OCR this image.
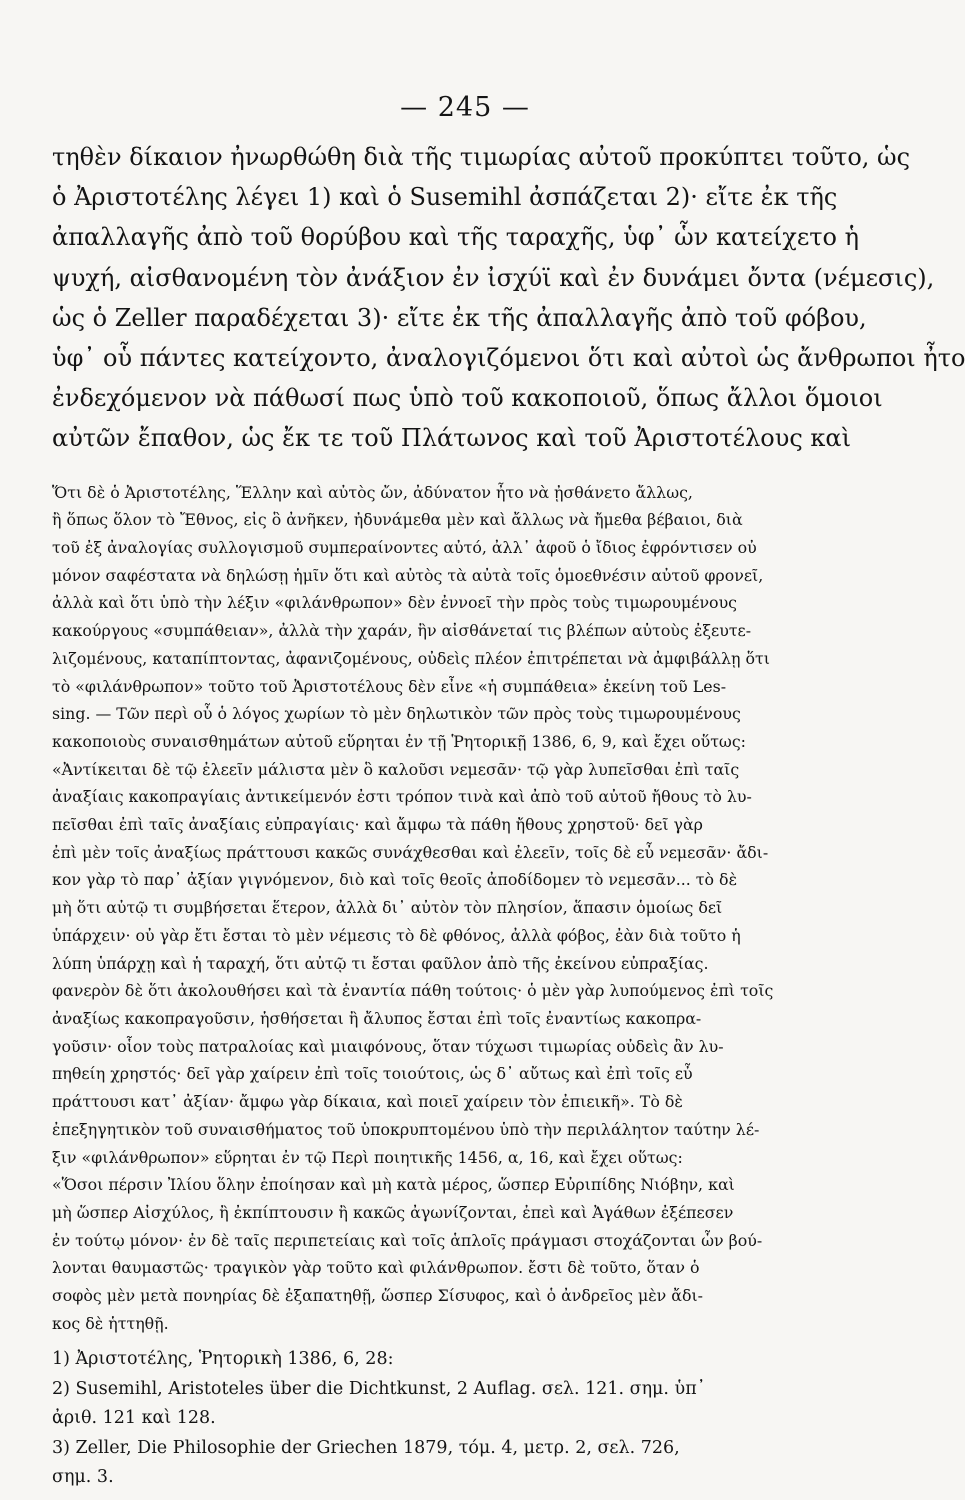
— 245 —
τηθὲν δίκαιον ἠνωρθώθη διὰ τῆς τιμωρίας αὐτοῦ προκύπτει τοῦτο, ὡς
ὁ Ἀριστοτέλης λέγει 1) καὶ ὁ Susemihl ἀσπάζεται 2)· εἴτε ἐκ τῆς
ἀπαλλαγῆς ἀπὸ τοῦ θορύβου καὶ τῆς ταραχῆς, ὑφ᾽ ὧν κατείχετο ἡ
ψυχή, αἰσθανομένη τὸν ἀνάξιον ἐν ἰσχύϊ καὶ ἐν δυνάμει ὄντα (νέμεσις),
ὡς ὁ Zeller παραδέχεται 3)· εἴτε ἐκ τῆς ἀπαλλαγῆς ἀπὸ τοῦ φόβου,
ὑφ᾽ οὗ πάντες κατείχοντο, ἀναλογιζόμενοι ὅτι καὶ αὐτοὶ ὡς ἄνθρωποι ἦτο
ἐνδεχόμενον νὰ πάθωσί πως ὑπὸ τοῦ κακοποιοῦ, ὅπως ἄλλοι ὅμοιοι
αὐτῶν ἔπαθον, ὡς ἔκ τε τοῦ Πλάτωνος καὶ τοῦ Ἀριστοτέλους καὶ
Ὅτι δὲ ὁ Ἀριστοτέλης, Ἕλλην καὶ αὐτὸς ὤν, ἀδύνατον ἦτο νὰ ᾐσθάνετο ἄλλως,
ἢ ὅπως ὅλον τὸ Ἔθνος, εἰς ὃ ἀνῆκεν, ἠδυνάμεθα μὲν καὶ ἄλλως νὰ ἤμεθα βέβαιοι, διὰ
τοῦ ἐξ ἀναλογίας συλλογισμοῦ συμπεραίνοντες αὐτό, ἀλλ᾽ ἀφοῦ ὁ ἴδιος ἐφρόντισεν οὐ
μόνον σαφέστατα νὰ δηλώσῃ ἡμῖν ὅτι καὶ αὐτὸς τὰ αὐτὰ τοῖς ὁμοεθνέσιν αὐτοῦ φρονεῖ,
ἀλλὰ καὶ ὅτι ὑπὸ τὴν λέξιν «φιλάνθρωπον» δὲν ἐννοεῖ τὴν πρὸς τοὺς τιμωρουμένους
κακούργους «συμπάθειαν», ἀλλὰ τὴν χαράν, ἣν αἰσθάνεταί τις βλέπων αὐτοὺς ἐξευτε-
λιζομένους, καταπίπτοντας, ἀφανιζομένους, οὐδεὶς πλέον ἐπιτρέπεται νὰ ἀμφιβάλλῃ ὅτι
τὸ «φιλάνθρωπον» τοῦτο τοῦ Ἀριστοτέλους δὲν εἶνε «ἡ συμπάθεια» ἐκείνη τοῦ Les-
sing. — Τῶν περὶ οὗ ὁ λόγος χωρίων τὸ μὲν δηλωτικὸν τῶν πρὸς τοὺς τιμωρουμένους
κακοποιοὺς συναισθημάτων αὐτοῦ εὕρηται ἐν τῇ Ῥητορικῇ 1386, 6, 9, καὶ ἔχει οὕτως:
«Ἀντίκειται δὲ τῷ ἐλεεῖν μάλιστα μὲν ὃ καλοῦσι νεμεσᾶν· τῷ γὰρ λυπεῖσθαι ἐπὶ ταῖς
ἀναξίαις κακοπραγίαις ἀντικείμενόν ἐστι τρόπον τινὰ καὶ ἀπὸ τοῦ αὐτοῦ ἤθους τὸ λυ-
πεῖσθαι ἐπὶ ταῖς ἀναξίαις εὐπραγίαις· καὶ ἄμφω τὰ πάθη ἤθους χρηστοῦ· δεῖ γὰρ
ἐπὶ μὲν τοῖς ἀναξίως πράττουσι κακῶς συνάχθεσθαι καὶ ἐλεεῖν, τοῖς δὲ εὖ νεμεσᾶν· ἄδι-
κον γὰρ τὸ παρ᾽ ἀξίαν γιγνόμενον, διὸ καὶ τοῖς θεοῖς ἀποδίδομεν τὸ νεμεσᾶν... τὸ δὲ
μὴ ὅτι αὐτῷ τι συμβήσεται ἕτερον, ἀλλὰ δι᾽ αὐτὸν τὸν πλησίον, ἅπασιν ὁμοίως δεῖ
ὑπάρχειν· οὐ γὰρ ἔτι ἔσται τὸ μὲν νέμεσις τὸ δὲ φθόνος, ἀλλὰ φόβος, ἐὰν διὰ τοῦτο ἡ
λύπη ὑπάρχῃ καὶ ἡ ταραχή, ὅτι αὐτῷ τι ἔσται φαῦλον ἀπὸ τῆς ἐκείνου εὐπραξίας.
φανερὸν δὲ ὅτι ἀκολουθήσει καὶ τὰ ἐναντία πάθη τούτοις· ὁ μὲν γὰρ λυπούμενος ἐπὶ τοῖς
ἀναξίως κακοπραγοῦσιν, ἡσθήσεται ἢ ἄλυπος ἔσται ἐπὶ τοῖς ἐναντίως κακοπρα-
γοῦσιν· οἷον τοὺς πατραλοίας καὶ μιαιφόνους, ὅταν τύχωσι τιμωρίας οὐδεὶς ἂν λυ-
πηθείη χρηστός· δεῖ γὰρ χαίρειν ἐπὶ τοῖς τοιούτοις, ὡς δ᾽ αὔτως καὶ ἐπὶ τοῖς εὖ
πράττουσι κατ᾽ ἀξίαν· ἄμφω γὰρ δίκαια, καὶ ποιεῖ χαίρειν τὸν ἐπιεικῆ». Τὸ δὲ
ἐπεξηγητικὸν τοῦ συναισθήματος τοῦ ὑποκρυπτομένου ὑπὸ τὴν περιλάλητον ταύτην λέ-
ξιν «φιλάνθρωπον» εὕρηται ἐν τῷ Περὶ ποιητικῆς 1456, α, 16, καὶ ἔχει οὕτως:
«Ὅσοι πέρσιν Ἰλίου ὅλην ἐποίησαν καὶ μὴ κατὰ μέρος, ὥσπερ Εὐριπίδης Νιόβην, καὶ
μὴ ὥσπερ Αἰσχύλος, ἢ ἐκπίπτουσιν ἢ κακῶς ἀγωνίζονται, ἐπεὶ καὶ Ἀγάθων ἐξέπεσεν
ἐν τούτῳ μόνον· ἐν δὲ ταῖς περιπετείαις καὶ τοῖς ἁπλοῖς πράγμασι στοχάζονται ὧν βού-
λονται θαυμαστῶς· τραγικὸν γὰρ τοῦτο καὶ φιλάνθρωπον. ἔστι δὲ τοῦτο, ὅταν ὁ
σοφὸς μὲν μετὰ πονηρίας δὲ ἐξαπατηθῇ, ὥσπερ Σίσυφος, καὶ ὁ ἀνδρεῖος μὲν ἄδι-
κος δὲ ἡττηθῇ.
1) Ἀριστοτέλης, Ῥητορικὴ 1386, 6, 28:
2) Susemihl, Aristoteles über die Dichtkunst, 2 Auflag. σελ. 121. σημ. ὑπ᾽
ἀριθ. 121 καὶ 128.
3) Zeller, Die Philosophie der Griechen 1879, τόμ. 4, μετρ. 2, σελ. 726,
σημ. 3.
